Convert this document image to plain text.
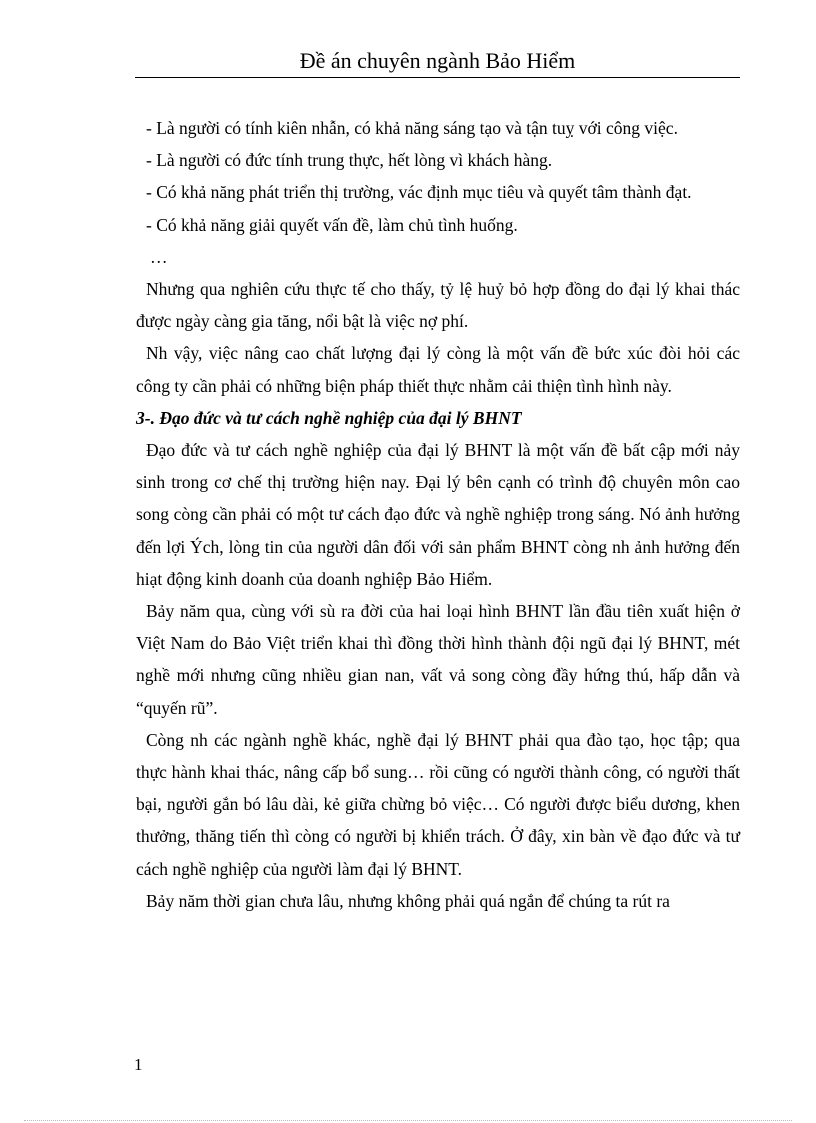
Đề án chuyên ngành Bảo Hiểm

- Là người có tính kiên nhẫn, có khả năng sáng tạo và tận tuỵ với công việc.

- Là người có đức tính trung thực, hết lòng vì khách hàng.

- Có khả năng phát triển thị trường, vác định mục tiêu và quyết tâm thành đạt.

- Có khả năng giải quyết vấn đề, làm chủ tình huống.

…

Nhưng qua nghiên cứu thực tế cho thấy, tỷ lệ huỷ bỏ hợp đồng do đại lý khai thác được ngày càng gia tăng, nổi bật là việc nợ phí.

Nh vậy, việc nâng cao chất lượng đại lý còng là một vấn đề bức xúc đòi hỏi các công ty cần phải có những biện pháp thiết thực nhằm cải thiện tình hình này.

3-. Đạo đức và tư cách nghề nghiệp của đại lý BHNT

Đạo đức và tư cách nghề nghiệp của đại lý BHNT là một vấn đề bất cập mới nảy sinh trong cơ chế thị trường hiện nay. Đại lý bên cạnh có trình độ chuyên môn cao song còng cần phải có một tư cách đạo đức và nghề nghiệp trong sáng. Nó ảnh hưởng đến lợi Ých, lòng tin của người dân đối với sản phẩm BHNT còng nh ảnh hưởng đến hiạt động kinh doanh của doanh nghiệp Bảo Hiểm.

Bảy năm qua, cùng với sù ra đời của hai loại hình BHNT lần đầu tiên xuất hiện ở Việt Nam do Bảo Việt triển khai thì đồng thời hình thành đội ngũ đại lý BHNT, mét nghề mới nhưng cũng nhiều gian nan, vất vả song còng đầy hứng thú, hấp dẫn và “quyến rũ”.

Còng nh các ngành nghề khác, nghề đại lý BHNT phải qua đào tạo, học tập; qua thực hành khai thác, nâng cấp bổ sung… rồi cũng có người thành công, có người thất bại, người gắn bó lâu dài, kẻ giữa chừng bỏ việc… Có người được biểu dương, khen thưởng, thăng tiến thì còng có người bị khiển trách. Ở đây, xin bàn về đạo đức và tư cách nghề nghiệp của người làm đại lý BHNT.

Bảy năm thời gian chưa lâu, nhưng không phải quá ngắn để chúng ta rút ra

1
